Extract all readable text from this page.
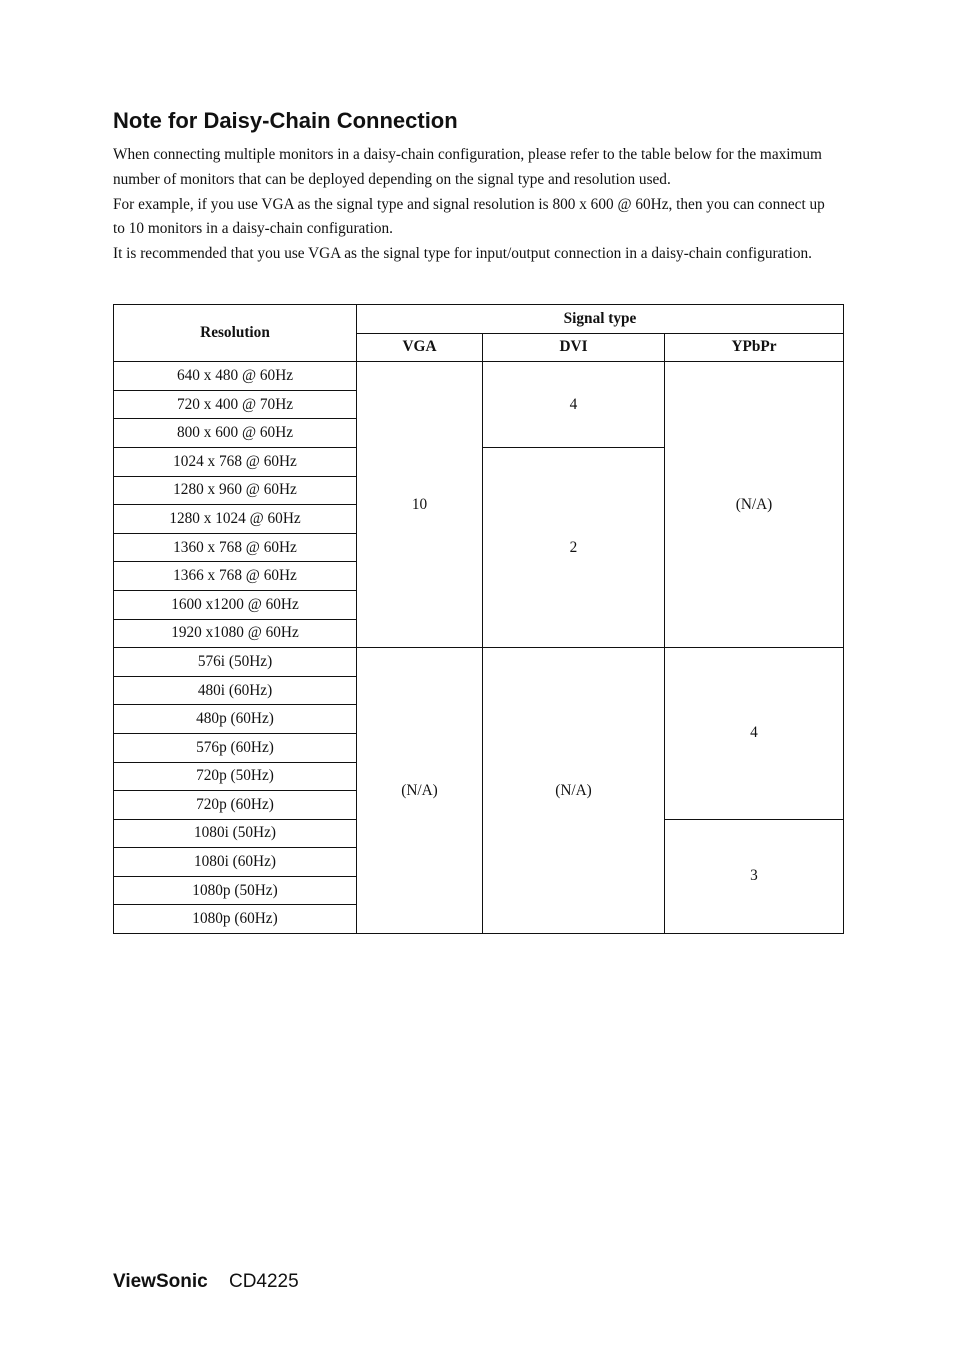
Note for Daisy-Chain Connection

When connecting multiple monitors in a daisy-chain configuration, please refer to the table below for the maximum number of monitors that can be deployed depending on the signal type and resolution used.

For example, if you use VGA as the signal type and signal resolution is 800 x 600 @ 60Hz, then you can connect up to 10 monitors in a daisy-chain configuration.

It is recommended that you use VGA as the signal type for input/output connection in a daisy-chain configuration.

Resolution	Signal type		
	VGA	DVI	YPbPr
640 x 480 @ 60Hz	10	4	(N/A)
720 x 400 @ 70Hz			
800 x 600 @ 60Hz			
1024 x 768 @ 60Hz		2	
1280 x 960 @ 60Hz			
1280 x 1024 @ 60Hz			
1360 x 768 @ 60Hz			
1366 x 768 @ 60Hz			
1600 x1200 @ 60Hz			
1920 x1080 @ 60Hz			
576i (50Hz)	(N/A)	(N/A)	4
480i (60Hz)			
480p (60Hz)			
576p (60Hz)			
720p (50Hz)			
720p (60Hz)			
1080i (50Hz)			3
1080i (60Hz)			
1080p (50Hz)			
1080p (60Hz)			
ViewSonic CD4225
